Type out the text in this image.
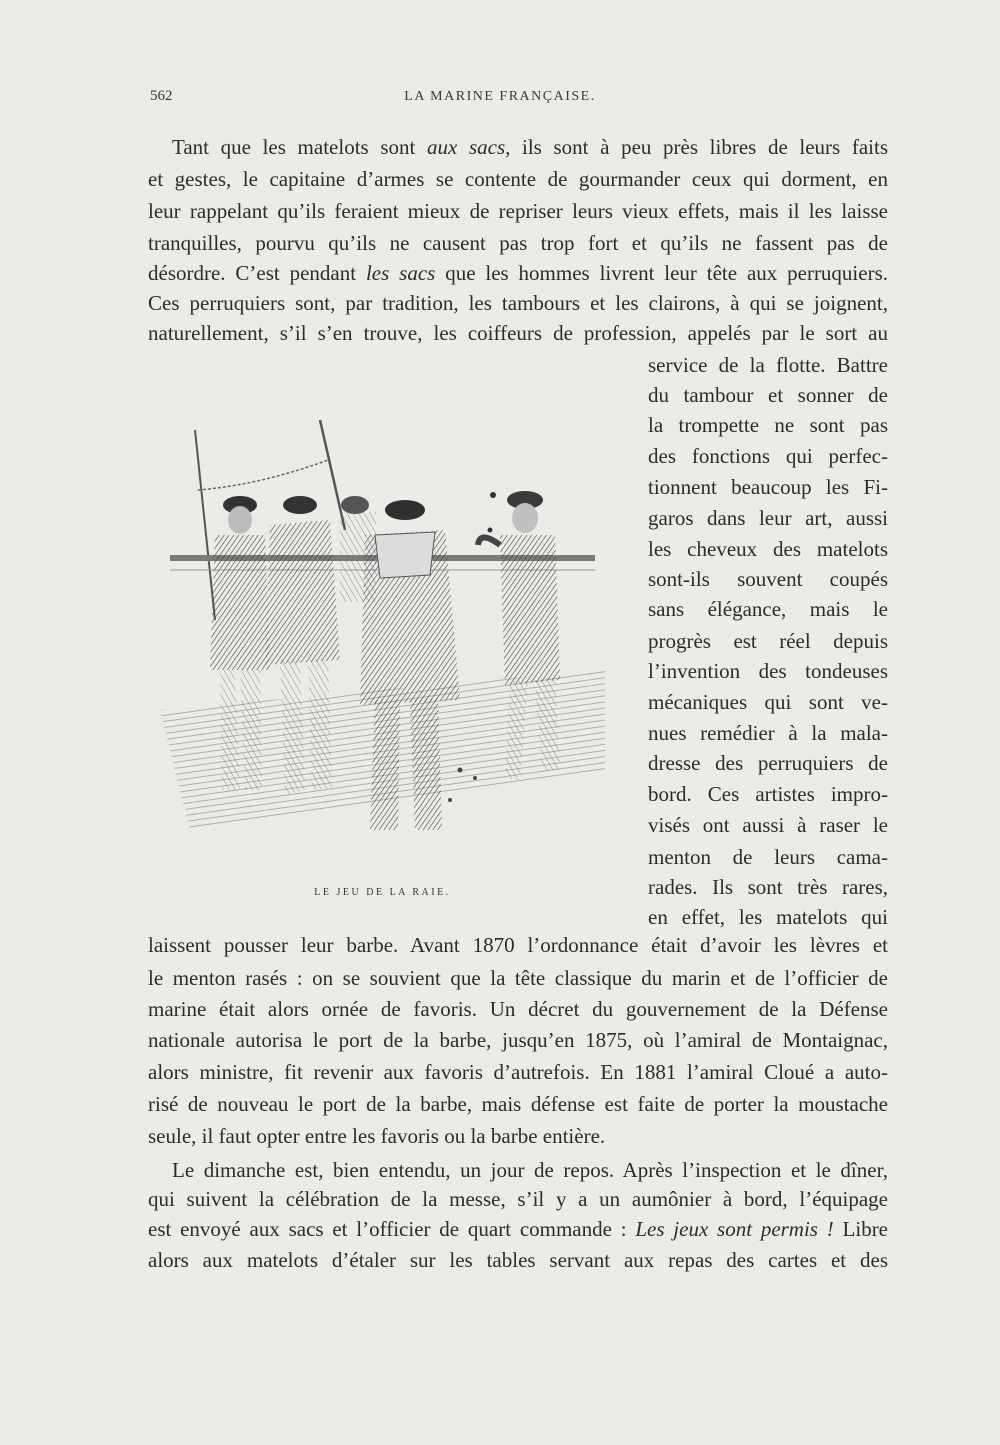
562	LA MARINE FRANÇAISE.
Tant que les matelots sont aux sacs, ils sont à peu près libres de leurs faits
et gestes, le capitaine d’armes se contente de gourmander ceux qui dorment, en
leur rappelant qu’ils feraient mieux de repriser leurs vieux effets, mais il les laisse
tranquilles, pourvu qu’ils ne causent pas trop fort et qu’ils ne fassent pas de
désordre. C’est pendant les sacs que les hommes livrent leur tête aux perruquiers.
Ces perruquiers sont, par tradition, les tambours et les clairons, à qui se joignent,
naturellement, s’il s’en trouve, les coiffeurs de profession, appelés par le sort au
service de la flotte. Battre
du tambour et sonner de
la trompette ne sont pas
des fonctions qui perfec-
tionnent beaucoup les Fi-
garos dans leur art, aussi
les cheveux des matelots
sont-ils souvent coupés
sans élégance, mais le
progrès est réel depuis
l’invention des tondeuses
mécaniques qui sont ve-
nues remédier à la mala-
dresse des perruquiers de
bord. Ces artistes impro-
visés ont aussi à raser le
menton de leurs cama-
rades. Ils sont très rares,
en effet, les matelots qui
LE JEU DE LA RAIE.
laissent pousser leur barbe. Avant 1870 l’ordonnance était d’avoir les lèvres et
le menton rasés : on se souvient que la tête classique du marin et de l’officier de
marine était alors ornée de favoris. Un décret du gouvernement de la Défense
nationale autorisa le port de la barbe, jusqu’en 1875, où l’amiral de Montaignac,
alors ministre, fit revenir aux favoris d’autrefois. En 1881 l’amiral Cloué a auto-
risé de nouveau le port de la barbe, mais défense est faite de porter la moustache
seule, il faut opter entre les favoris ou la barbe entière.
Le dimanche est, bien entendu, un jour de repos. Après l’inspection et le dîner,
qui suivent la célébration de la messe, s’il y a un aumônier à bord, l’équipage
est envoyé aux sacs et l’officier de quart commande : Les jeux sont permis ! Libre
alors aux matelots d’étaler sur les tables servant aux repas des cartes et des
